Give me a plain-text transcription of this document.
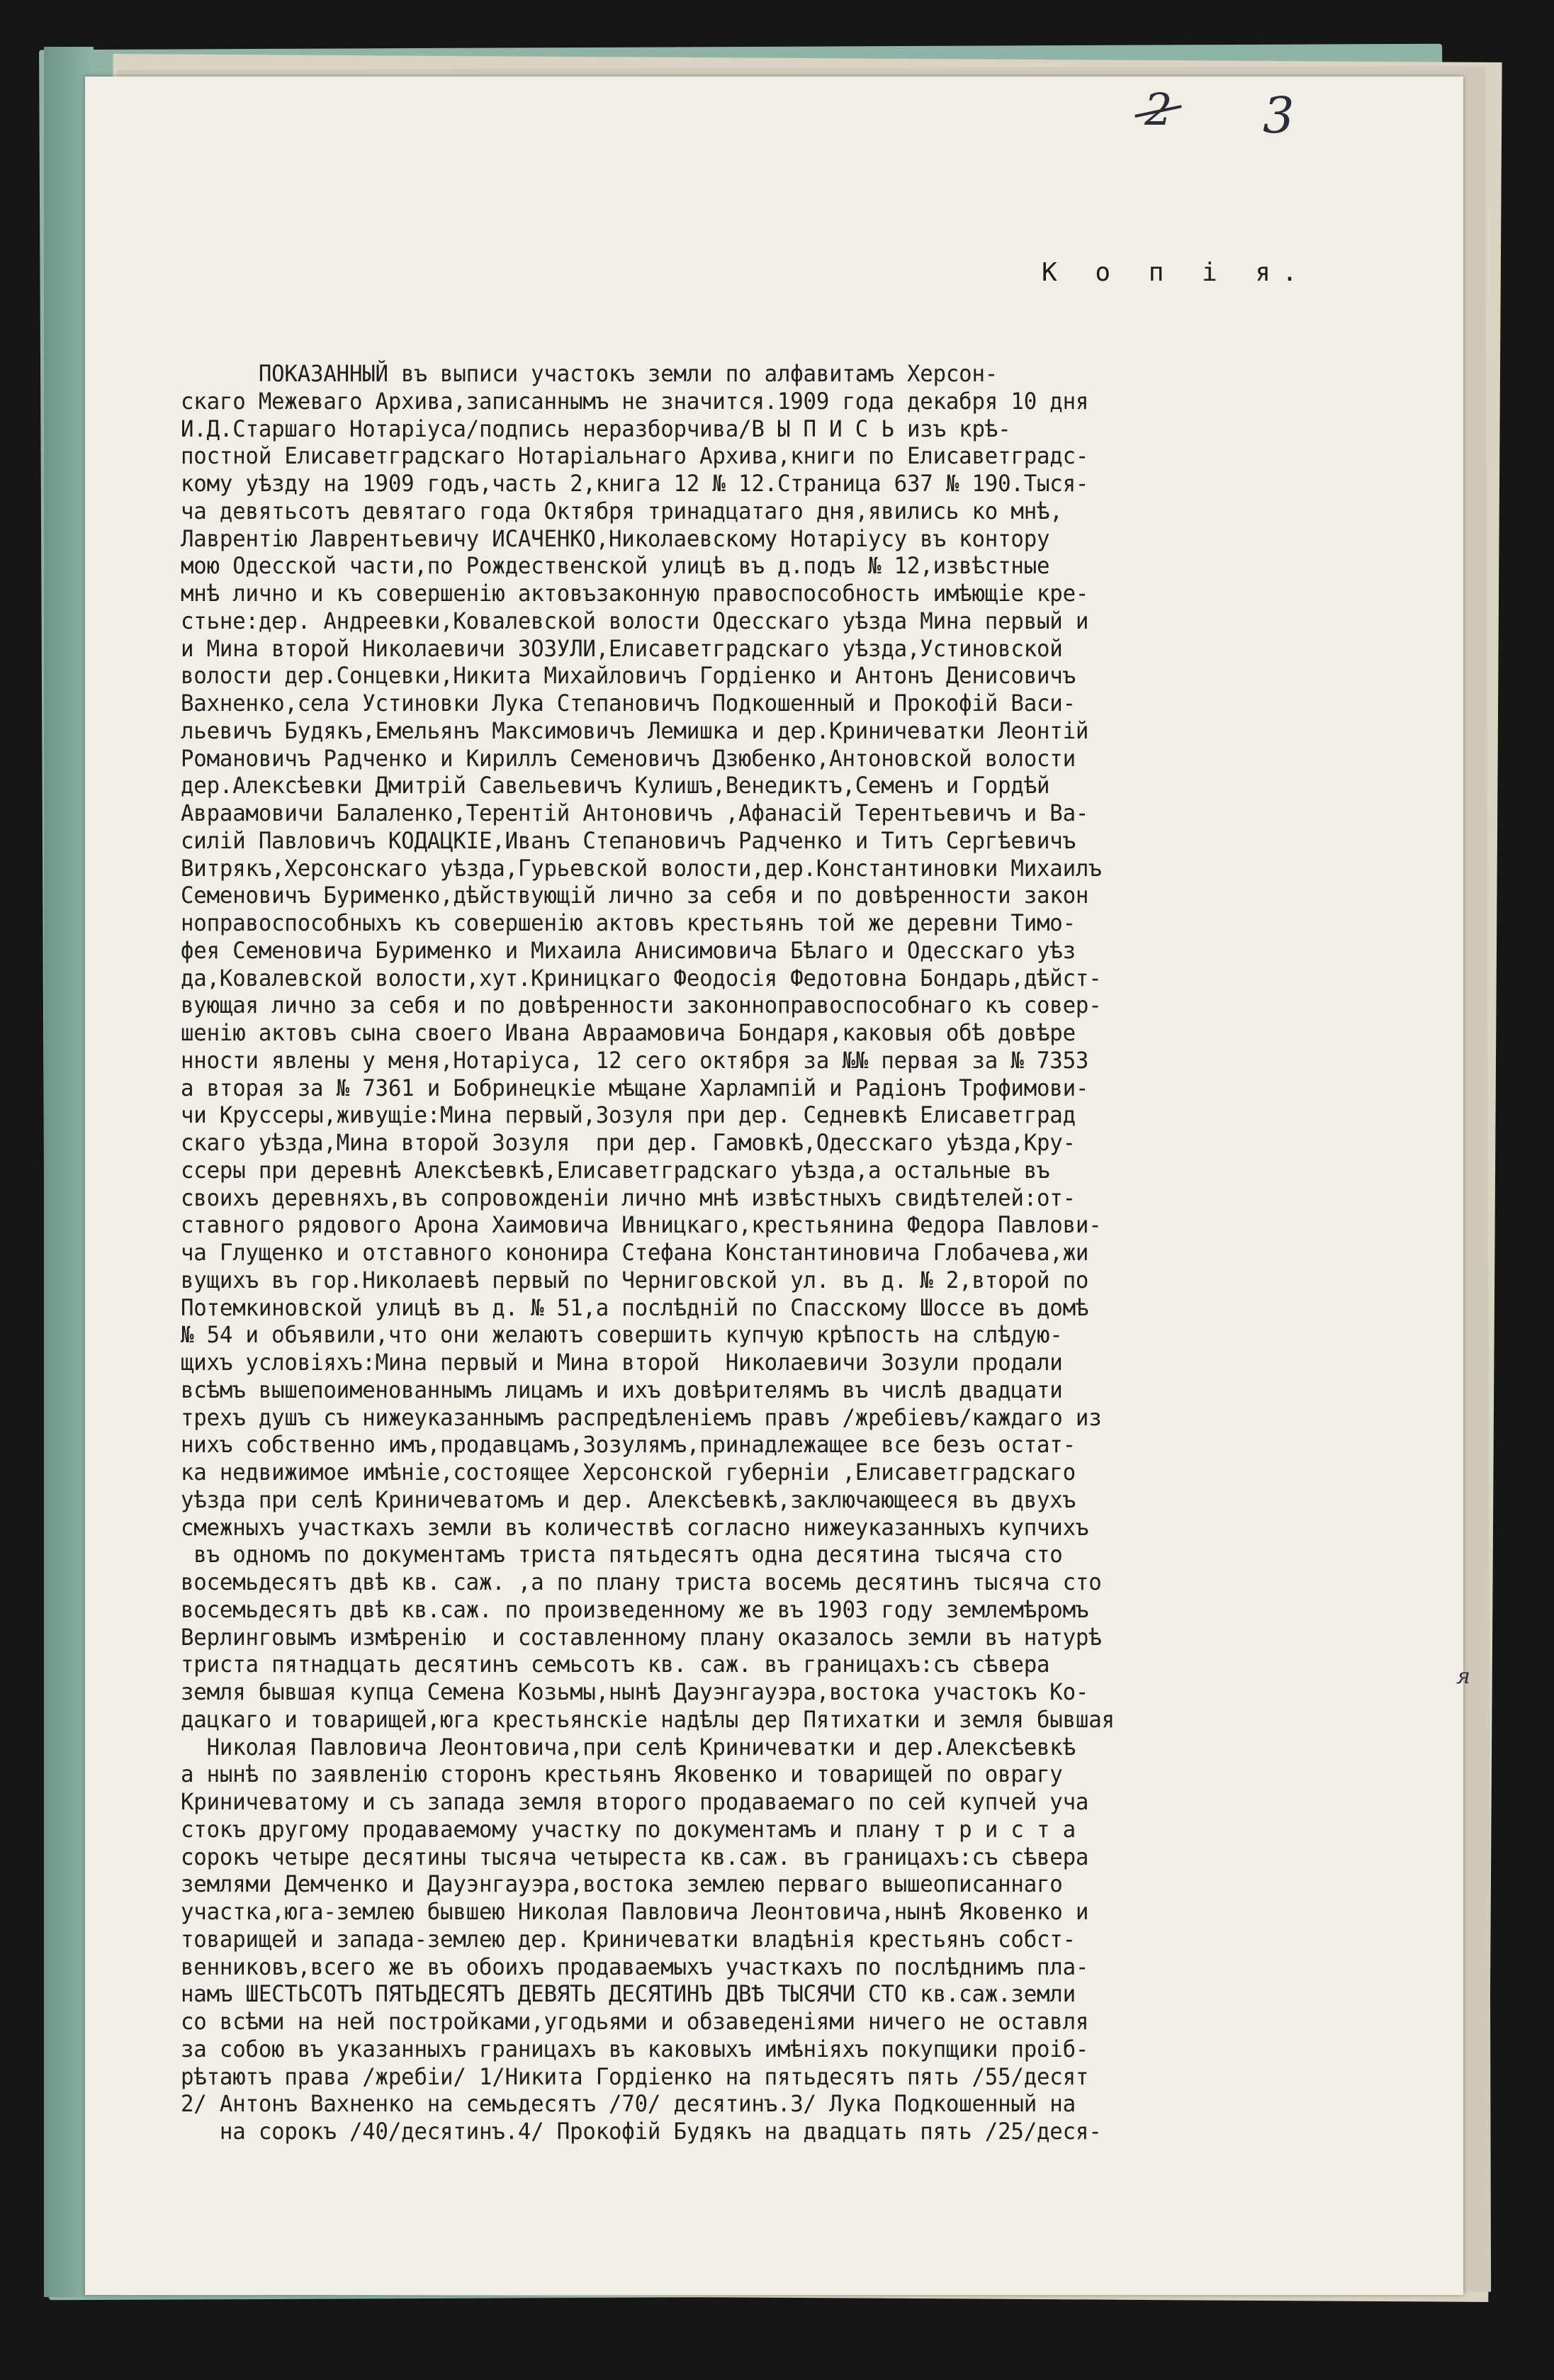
2 3
К о п і я.
ПОКАЗАННЫЙ въ выписи участокъ земли по алфавитамъ Херсон-
скаго Межеваго Архива,записаннымъ не значится.1909 года декабря 10 дня
И.Д.Старшаго Нотаріуса/подпись неразборчива/В Ы П И С Ь изъ крѣ-
постной Елисаветградскаго Нотаріальнаго Архива,книги по Елисаветградс-
кому уѣзду на 1909 годъ,часть 2,книга 12 № 12.Страница 637 № 190.Тыся-
ча девятьсотъ девятаго года Октября тринадцатаго дня,явились ко мнѣ,
Лаврентію Лаврентьевичу ИСАЧЕНКО,Николаевскому Нотаріусу въ контору
мою Одесской части,по Рождественской улицѣ въ д.подъ № 12,извѣстные
мнѣ лично и къ совершенію актовъзаконную правоспособность имѣющіе кре-
стьне:дер. Андреевки,Ковалевской волости Одесскаго уѣзда Мина первый и
и Мина второй Николаевичи ЗОЗУЛИ,Елисаветградскаго уѣзда,Устиновской
волости дер.Сонцевки,Никита Михайловичъ Гордіенко и Антонъ Денисовичъ
Вахненко,села Устиновки Лука Степановичъ Подкошенный и Прокофій Васи-
льевичъ Будякъ,Емельянъ Максимовичъ Лемишка и дер.Криничеватки Леонтій
Романовичъ Радченко и Кириллъ Семеновичъ Дзюбенко,Антоновской волости
дер.Алексѣевки Дмитрій Савельевичъ Кулишъ,Венедиктъ,Семенъ и Гордѣй
Авраамовичи Балаленко,Терентій Антоновичъ ,Афанасій Терентьевичъ и Ва-
силій Павловичъ КОДАЦКІЕ,Иванъ Степановичъ Радченко и Титъ Сергѣевичъ
Витрякъ,Херсонскаго уѣзда,Гурьевской волости,дер.Константиновки Михаилъ
Семеновичъ Бурименко,дѣйствующій лично за себя и по довѣренности закон
ноправоспособныхъ къ совершенію актовъ крестьянъ той же деревни Тимо-
фея Семеновича Бурименко и Михаила Анисимовича Бѣлаго и Одесскаго уѣз
да,Ковалевской волости,хут.Криницкаго Феодосія Федотовна Бондарь,дѣйст-
вующая лично за себя и по довѣренности законноправоспособнаго къ совер-
шенію актовъ сына своего Ивана Авраамовича Бондаря,каковыя обѣ довѣре
нности явлены у меня,Нотаріуса, 12 сего октября за №№ первая за № 7353
а вторая за № 7361 и Бобринецкіе мѣщане Харлампій и Радіонъ Трофимови-
чи Круссеры,живущіе:Мина первый,Зозуля при дер. Седневкѣ Елисаветград
скаго уѣзда,Мина второй Зозуля  при дер. Гамовкѣ,Одесскаго уѣзда,Кру-
ссеры при деревнѣ Алексѣевкѣ,Елисаветградскаго уѣзда,а остальные въ
своихъ деревняхъ,въ сопровожденіи лично мнѣ извѣстныхъ свидѣтелей:от-
ставного рядового Арона Хаимовича Ивницкаго,крестьянина Федора Павлови-
ча Глущенко и отставного кононира Стефана Константиновича Глобачева,жи
вущихъ въ гор.Николаевѣ первый по Черниговской ул. въ д. № 2,второй по
Потемкиновской улицѣ въ д. № 51,а послѣдній по Спасскому Шоссе въ домѣ
№ 54 и объявили,что они желаютъ совершить купчую крѣпость на слѣдую-
щихъ условіяхъ:Мина первый и Мина второй  Николаевичи Зозули продали
всѣмъ вышепоименованнымъ лицамъ и ихъ довѣрителямъ въ числѣ двадцати
трехъ душъ съ нижеуказаннымъ распредѣленіемъ правъ /жребіевъ/каждаго из
нихъ собственно имъ,продавцамъ,Зозулямъ,принадлежащее все безъ остат-
ка недвижимое имѣніе,состоящее Херсонской губерніи ,Елисаветградскаго
уѣзда при селѣ Криничеватомъ и дер. Алексѣевкѣ,заключающееся въ двухъ
смежныхъ участкахъ земли въ количествѣ согласно нижеуказанныхъ купчихъ
въ одномъ по документамъ триста пятьдесятъ одна десятина тысяча сто
восемьдесятъ двѣ кв. саж. ,а по плану триста восемь десятинъ тысяча сто
восемьдесятъ двѣ кв.саж. по произведенному же въ 1903 году землемѣромъ
Верлинговымъ измѣренію  и составленному плану оказалось земли въ натурѣ
триста пятнадцать десятинъ семьсотъ кв. саж. въ границахъ:съ сѣвера
земля бывшая купца Семена Козьмы,нынѣ Дауэнгауэра,востока участокъ Ко-
дацкаго и товарищей,юга крестьянскіе надѣлы дер Пятихатки и земля бывшая
Николая Павловича Леонтовича,при селѣ Криничеватки и дер.Алексѣевкѣ
а нынѣ по заявленію сторонъ крестьянъ Яковенко и товарищей по оврагу
Криничеватому и съ запада земля второго продаваемаго по сей купчей уча
стокъ другому продаваемому участку по документамъ и плану т р и с т а
сорокъ четыре десятины тысяча четыреста кв.саж. въ границахъ:съ сѣвера
землями Демченко и Дауэнгауэра,востока землею перваго вышеописаннаго
участка,юга-землею бывшею Николая Павловича Леонтовича,нынѣ Яковенко и
товарищей и запада-землею дер. Криничеватки владѣнія крестьянъ собст-
венниковъ,всего же въ обоихъ продаваемыхъ участкахъ по послѣднимъ пла-
намъ ШЕСТЬСОТЪ ПЯТЬДЕСЯТЪ ДЕВЯТЬ ДЕСЯТИНЪ ДВѢ ТЫСЯЧИ СТО кв.саж.земли
со всѣми на ней постройками,угодьями и обзаведеніями ничего не оставля
за собою въ указанныхъ границахъ въ каковыхъ имѣніяхъ покупщики проіб-
рѣтаютъ права /жребіи/ 1/Никита Гордіенко на пятьдесятъ пять /55/десят
2/ Антонъ Вахненко на семьдесятъ /70/ десятинъ.3/ Лука Подкошенный на
на сорокъ /40/десятинъ.4/ Прокофій Будякъ на двадцать пять /25/деся-
я
